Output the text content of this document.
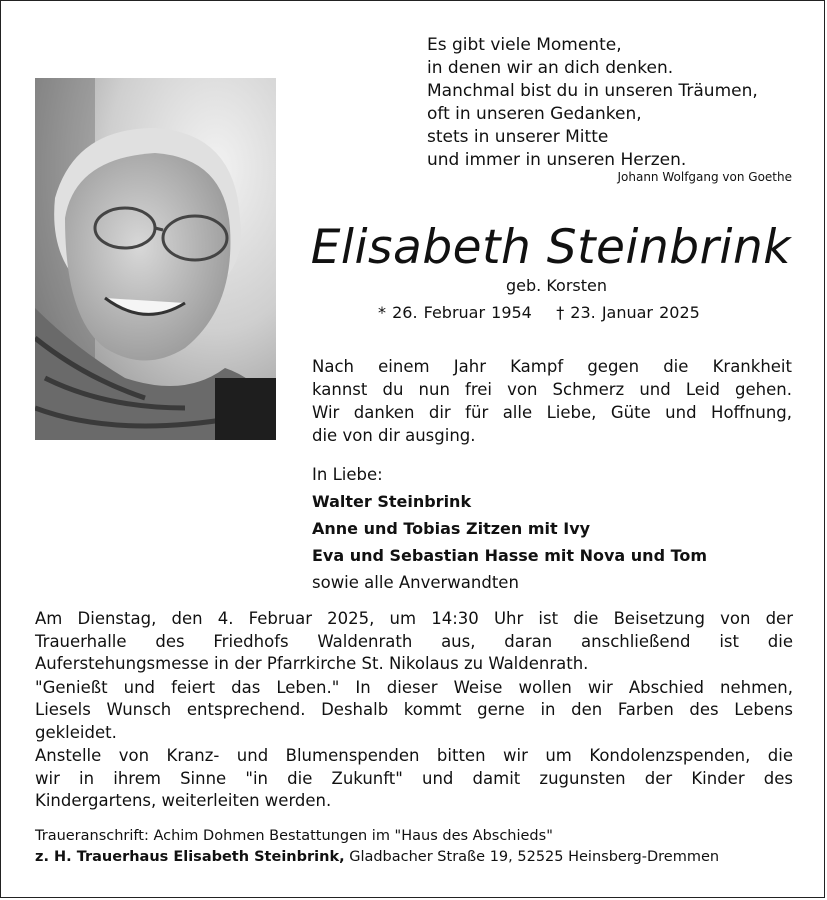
Es gibt viele Momente,
in denen wir an dich denken.
Manchmal bist du in unseren Träumen,
oft in unseren Gedanken,
stets in unserer Mitte
und immer in unseren Herzen.
Johann Wolfgang von Goethe
Elisabeth Steinbrink
geb. Korsten
* 26. Februar 1954 † 23. Januar 2025
Nach einem Jahr Kampf gegen die Krankheit
kannst du nun frei von Schmerz und Leid gehen.
Wir danken dir für alle Liebe, Güte und Hoffnung,
die von dir ausging.
In Liebe:
Walter Steinbrink
Anne und Tobias Zitzen mit Ivy
Eva und Sebastian Hasse mit Nova und Tom
sowie alle Anverwandten
Am Dienstag, den 4. Februar 2025, um 14:30 Uhr ist die Beisetzung von der
Trauerhalle des Friedhofs Waldenrath aus, daran anschließend ist die
Auferstehungsmesse in der Pfarrkirche St. Nikolaus zu Waldenrath.
"Genießt und feiert das Leben." In dieser Weise wollen wir Abschied nehmen,
Liesels Wunsch entsprechend. Deshalb kommt gerne in den Farben des Lebens
gekleidet.
Anstelle von Kranz- und Blumenspenden bitten wir um Kondolenzspenden, die
wir in ihrem Sinne "in die Zukunft" und damit zugunsten der Kinder des
Kindergartens, weiterleiten werden.
Traueranschrift: Achim Dohmen Bestattungen im "Haus des Abschieds"
z. H. Trauerhaus Elisabeth Steinbrink, Gladbacher Straße 19, 52525 Heinsberg-Dremmen
